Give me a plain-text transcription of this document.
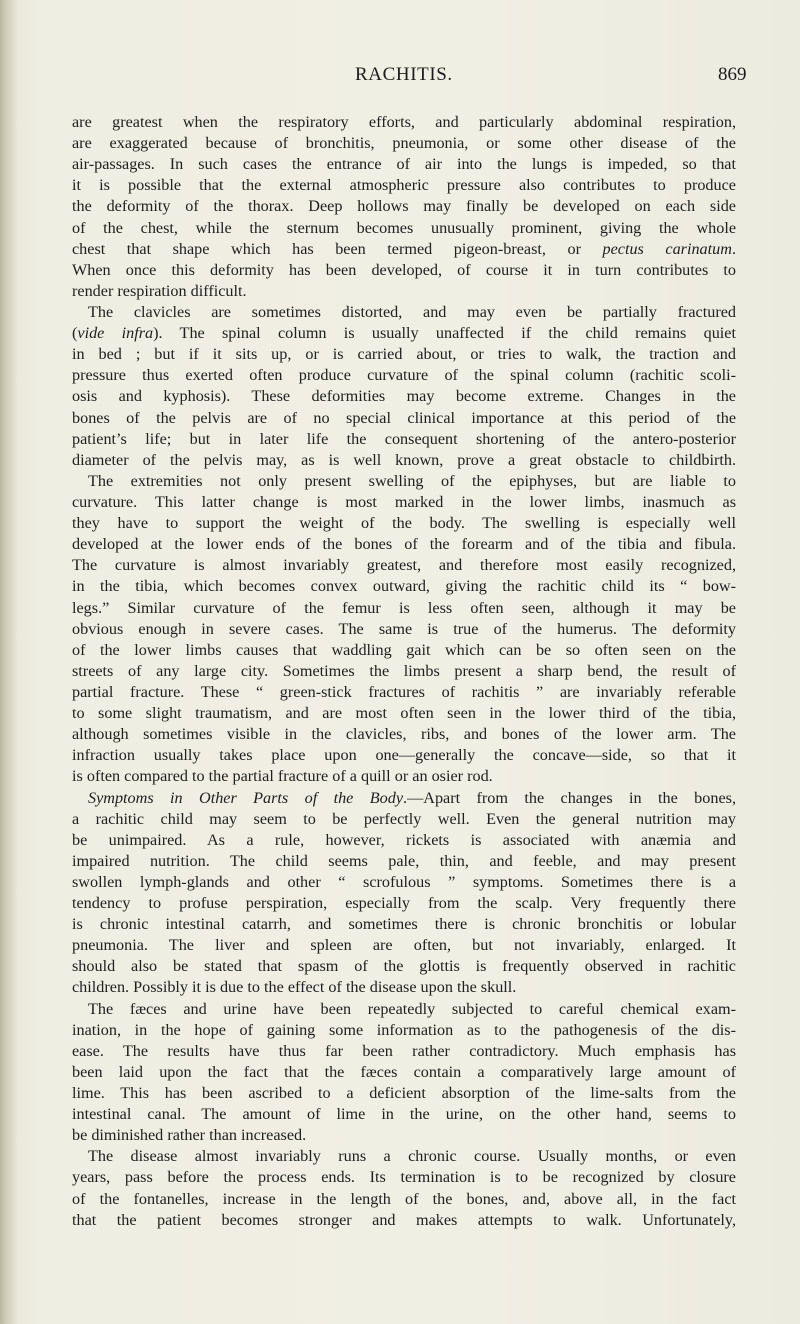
RACHITIS.	869
are greatest when the respiratory efforts, and particularly abdominal respiration,
are exaggerated because of bronchitis, pneumonia, or some other disease of the
air-passages. In such cases the entrance of air into the lungs is impeded, so that
it is possible that the external atmospheric pressure also contributes to produce
the deformity of the thorax. Deep hollows may finally be developed on each side
of the chest, while the sternum becomes unusually prominent, giving the whole
chest that shape which has been termed pigeon-breast, or pectus carinatum.
When once this deformity has been developed, of course it in turn contributes to
render respiration difficult.
The clavicles are sometimes distorted, and may even be partially fractured
(vide infra). The spinal column is usually unaffected if the child remains quiet
in bed ; but if it sits up, or is carried about, or tries to walk, the traction and
pressure thus exerted often produce curvature of the spinal column (rachitic scoli-
osis and kyphosis). These deformities may become extreme. Changes in the
bones of the pelvis are of no special clinical importance at this period of the
patient’s life; but in later life the consequent shortening of the antero-posterior
diameter of the pelvis may, as is well known, prove a great obstacle to childbirth.
The extremities not only present swelling of the epiphyses, but are liable to
curvature. This latter change is most marked in the lower limbs, inasmuch as
they have to support the weight of the body. The swelling is especially well
developed at the lower ends of the bones of the forearm and of the tibia and fibula.
The curvature is almost invariably greatest, and therefore most easily recognized,
in the tibia, which becomes convex outward, giving the rachitic child its “ bow-
legs.” Similar curvature of the femur is less often seen, although it may be
obvious enough in severe cases. The same is true of the humerus. The deformity
of the lower limbs causes that waddling gait which can be so often seen on the
streets of any large city. Sometimes the limbs present a sharp bend, the result of
partial fracture. These “ green-stick fractures of rachitis ” are invariably referable
to some slight traumatism, and are most often seen in the lower third of the tibia,
although sometimes visible in the clavicles, ribs, and bones of the lower arm. The
infraction usually takes place upon one—generally the concave—side, so that it
is often compared to the partial fracture of a quill or an osier rod.
Symptoms in Other Parts of the Body.—Apart from the changes in the bones,
a rachitic child may seem to be perfectly well. Even the general nutrition may
be unimpaired. As a rule, however, rickets is associated with anæmia and
impaired nutrition. The child seems pale, thin, and feeble, and may present
swollen lymph-glands and other “ scrofulous ” symptoms. Sometimes there is a
tendency to profuse perspiration, especially from the scalp. Very frequently there
is chronic intestinal catarrh, and sometimes there is chronic bronchitis or lobular
pneumonia. The liver and spleen are often, but not invariably, enlarged. It
should also be stated that spasm of the glottis is frequently observed in rachitic
children. Possibly it is due to the effect of the disease upon the skull.
The fæces and urine have been repeatedly subjected to careful chemical exam-
ination, in the hope of gaining some information as to the pathogenesis of the dis-
ease. The results have thus far been rather contradictory. Much emphasis has
been laid upon the fact that the fæces contain a comparatively large amount of
lime. This has been ascribed to a deficient absorption of the lime-salts from the
intestinal canal. The amount of lime in the urine, on the other hand, seems to
be diminished rather than increased.
The disease almost invariably runs a chronic course. Usually months, or even
years, pass before the process ends. Its termination is to be recognized by closure
of the fontanelles, increase in the length of the bones, and, above all, in the fact
that the patient becomes stronger and makes attempts to walk. Unfortunately,
